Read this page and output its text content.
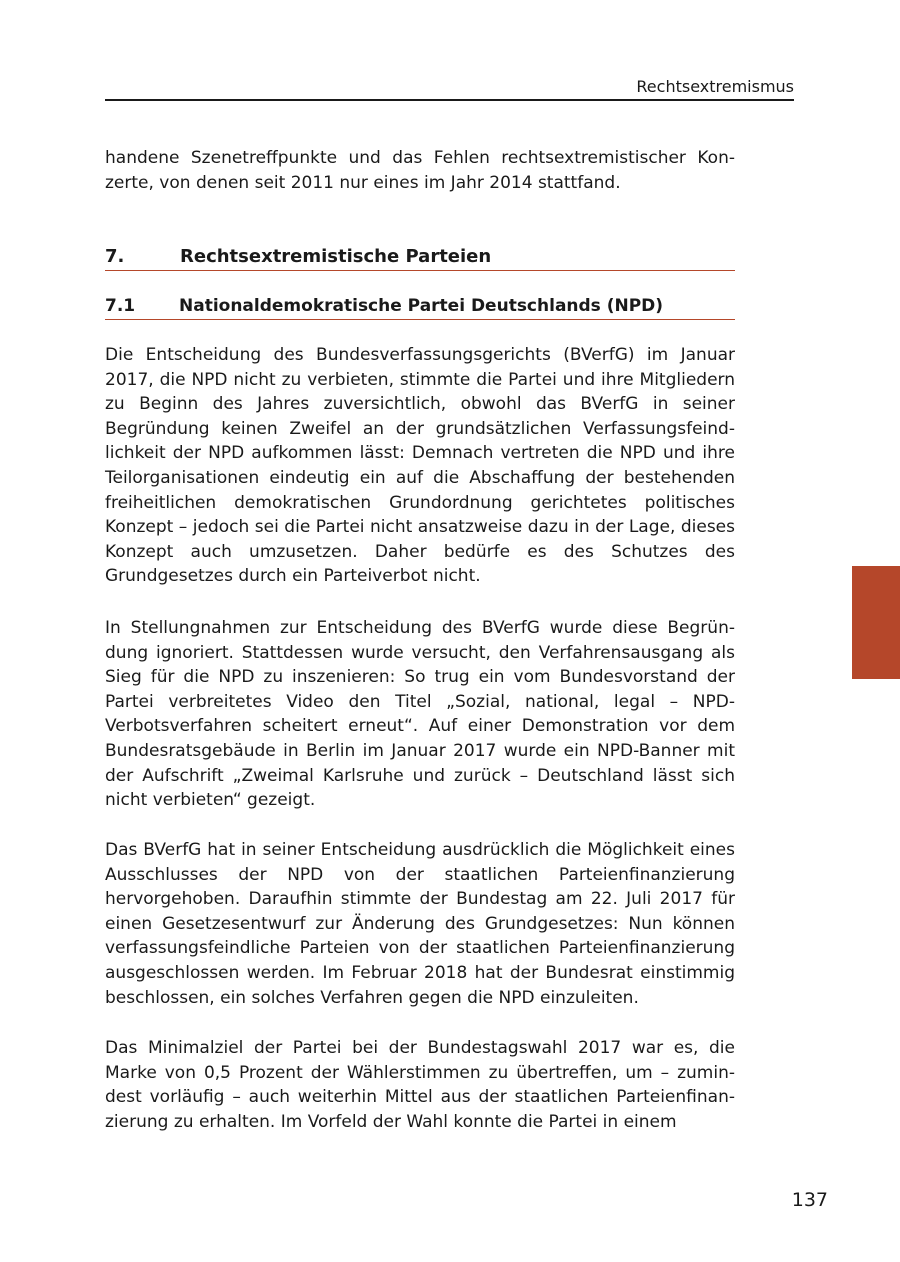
Rechtsextremismus

handene Szenetreffpunkte und das Fehlen rechtsextremistischer Konzerte, von denen seit 2011 nur eines im Jahr 2014 stattfand.

7.	Rechtsextremistische Parteien
7.1	Nationaldemokratische Partei Deutschlands (NPD)

Die Entscheidung des Bundesverfassungsgerichts (BVerfG) im Januar 2017, die NPD nicht zu verbieten, stimmte die Partei und ihre Mitgliedern zu Beginn des Jahres zuversichtlich, obwohl das BVerfG in seiner Begründung keinen Zweifel an der grundsätzlichen Verfassungsfeindlichkeit der NPD aufkommen lässt: Demnach vertreten die NPD und ihre Teilorganisationen eindeutig ein auf die Abschaffung der bestehenden freiheitlichen demokratischen Grundordnung gerichtetes politisches Konzept – jedoch sei die Partei nicht ansatzweise dazu in der Lage, dieses Konzept auch umzusetzen. Daher bedürfe es des Schutzes des Grundgesetzes durch ein Parteiverbot nicht.

In Stellungnahmen zur Entscheidung des BVerfG wurde diese Begründung ignoriert. Stattdessen wurde versucht, den Verfahrensausgang als Sieg für die NPD zu inszenieren: So trug ein vom Bundesvorstand der Partei verbreitetes Video den Titel „Sozial, national, legal – NPD-Verbotsverfahren scheitert erneut“. Auf einer Demonstration vor dem Bundesratsgebäude in Berlin im Januar 2017 wurde ein NPD-Banner mit der Aufschrift „Zweimal Karlsruhe und zurück – Deutschland lässt sich nicht verbieten“ gezeigt.

Das BVerfG hat in seiner Entscheidung ausdrücklich die Möglichkeit eines Ausschlusses der NPD von der staatlichen Parteienfinanzierung hervorgehoben. Daraufhin stimmte der Bundestag am 22. Juli 2017 für einen Gesetzesentwurf zur Änderung des Grundgesetzes: Nun können verfassungsfeindliche Parteien von der staatlichen Parteienfinanzierung ausgeschlossen werden. Im Februar 2018 hat der Bundesrat einstimmig beschlossen, ein solches Verfahren gegen die NPD einzuleiten.

Das Minimalziel der Partei bei der Bundestagswahl 2017 war es, die Marke von 0,5 Prozent der Wählerstimmen zu übertreffen, um – zumindest vorläufig – auch weiterhin Mittel aus der staatlichen Parteienfinanzierung zu erhalten. Im Vorfeld der Wahl konnte die Partei in einem

137
